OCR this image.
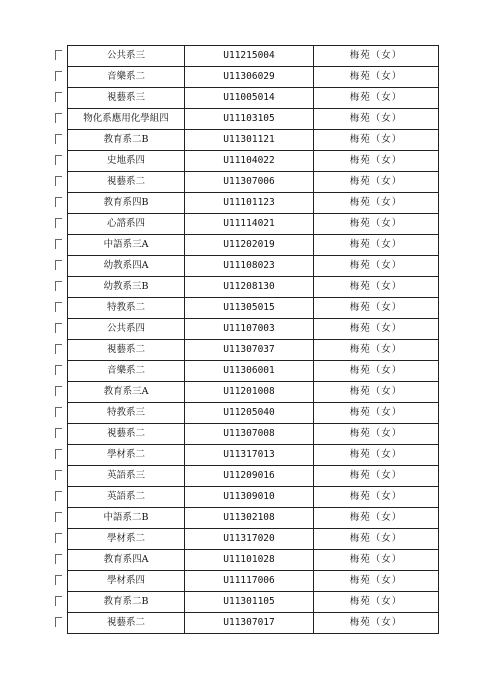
公共系三	U11215004	梅苑（女）
音樂系二	U11306029	梅苑（女）
視藝系三	U11005014	梅苑（女）
物化系應用化學組四	U11103105	梅苑（女）
教育系二B	U11301121	梅苑（女）
史地系四	U11104022	梅苑（女）
視藝系二	U11307006	梅苑（女）
教育系四B	U11101123	梅苑（女）
心諮系四	U11114021	梅苑（女）
中語系三A	U11202019	梅苑（女）
幼教系四A	U11108023	梅苑（女）
幼教系三B	U11208130	梅苑（女）
特教系二	U11305015	梅苑（女）
公共系四	U11107003	梅苑（女）
視藝系二	U11307037	梅苑（女）
音樂系二	U11306001	梅苑（女）
教育系三A	U11201008	梅苑（女）
特教系三	U11205040	梅苑（女）
視藝系二	U11307008	梅苑（女）
學材系二	U11317013	梅苑（女）
英語系三	U11209016	梅苑（女）
英語系二	U11309010	梅苑（女）
中語系二B	U11302108	梅苑（女）
學材系二	U11317020	梅苑（女）
教育系四A	U11101028	梅苑（女）
學材系四	U11117006	梅苑（女）
教育系二B	U11301105	梅苑（女）
視藝系二	U11307017	梅苑（女）
